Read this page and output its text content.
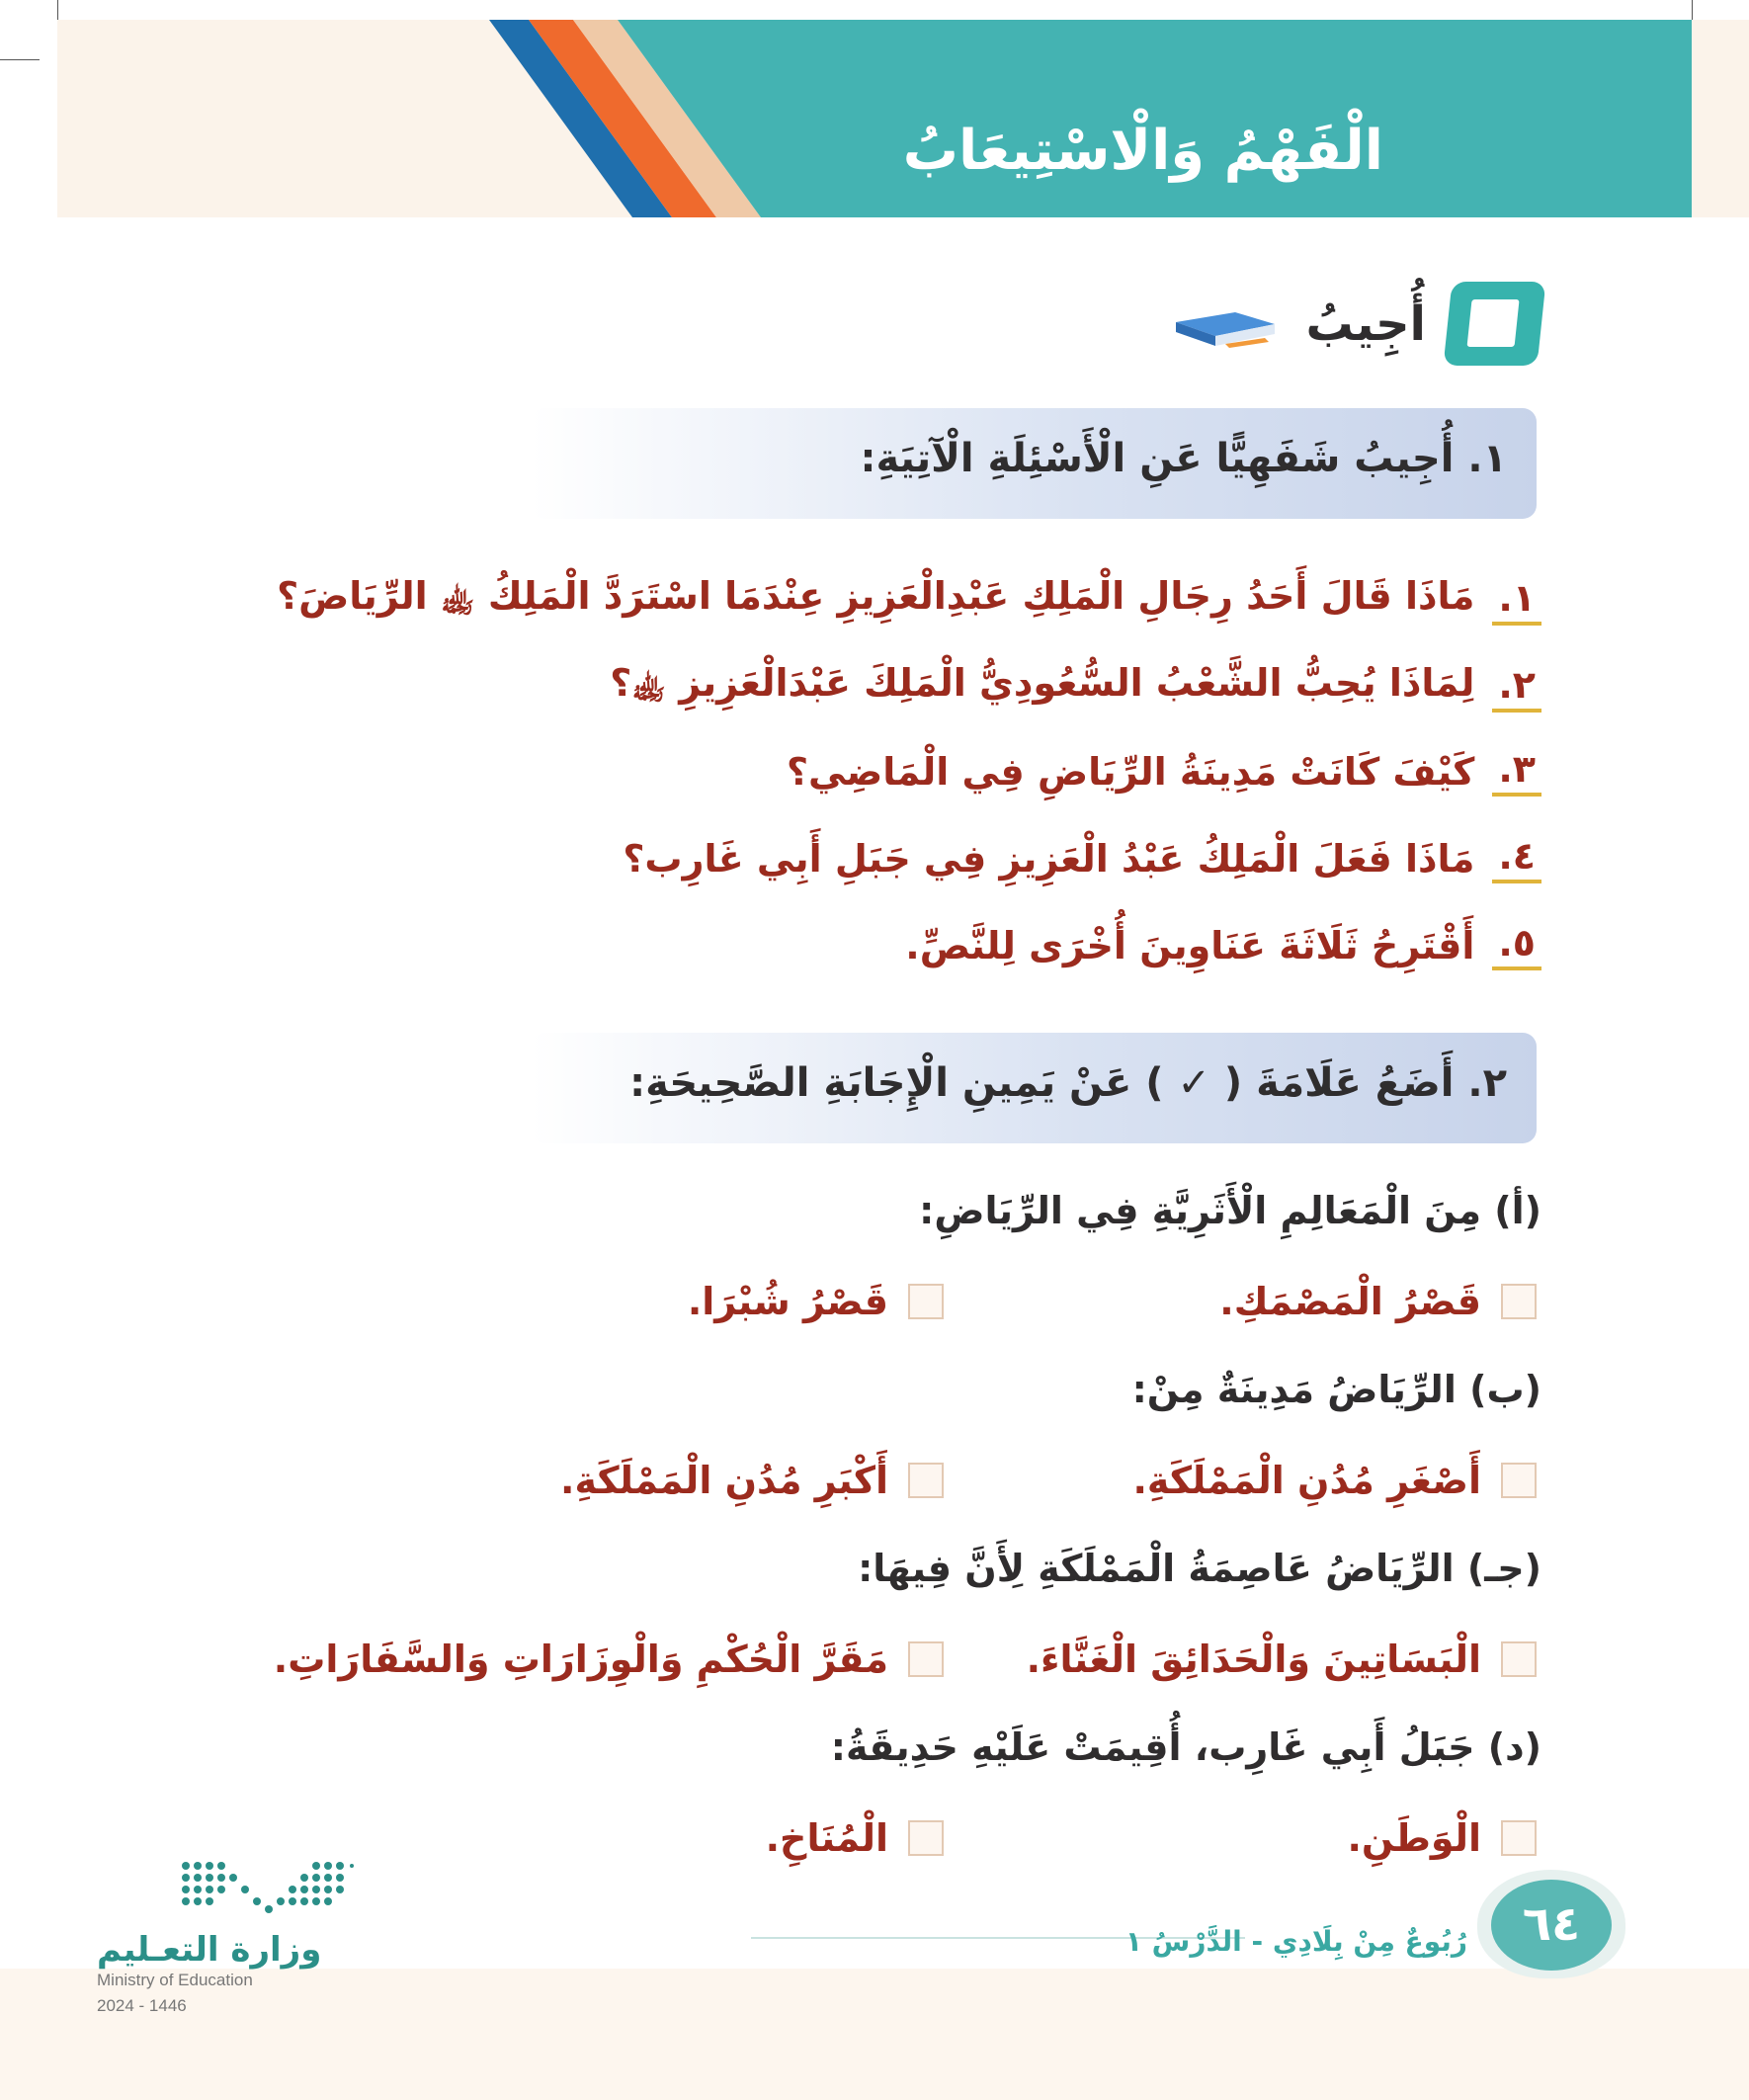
الْفَهْمُ وَالْاسْتِيعَابُ
أُجِيبُ
١. أُجِيبُ شَفَهِيًّا عَنِ الْأَسْئِلَةِ الْآتِيَةِ:
١.
مَاذَا قَالَ أَحَدُ رِجَالِ الْمَلِكِ عَبْدِالْعَزِيزِ عِنْدَمَا اسْتَرَدَّ الْمَلِكُ ﵀ الرِّيَاضَ؟
٢.
لِمَاذَا يُحِبُّ الشَّعْبُ السُّعُودِيُّ الْمَلِكَ عَبْدَالْعَزِيزِ ﵀؟
٣.
كَيْفَ كَانَتْ مَدِينَةُ الرِّيَاضِ فِي الْمَاضِي؟
٤.
مَاذَا فَعَلَ الْمَلِكُ عَبْدُ الْعَزِيزِ فِي جَبَلِ أَبِي غَارِب؟
٥.
أَقْتَرِحُ ثَلَاثَةَ عَنَاوِينَ أُخْرَى لِلنَّصِّ.
٢. أَضَعُ عَلَامَةَ ( ✓ ) عَنْ يَمِينِ الْإِجَابَةِ الصَّحِيحَةِ:
(أ) مِنَ الْمَعَالِمِ الْأَثَرِيَّةِ فِي الرِّيَاضِ:
قَصْرُ الْمَصْمَكِ.
قَصْرُ شُبْرَا.
(ب) الرِّيَاضُ مَدِينَةٌ مِنْ:
أَصْغَرِ مُدُنِ الْمَمْلَكَةِ.
أَكْبَرِ مُدُنِ الْمَمْلَكَةِ.
(جـ) الرِّيَاضُ عَاصِمَةُ الْمَمْلَكَةِ لِأَنَّ فِيهَا:
الْبَسَاتِينَ وَالْحَدَائِقَ الْغَنَّاءَ.
مَقَرَّ الْحُكْمِ وَالْوِزَارَاتِ وَالسَّفَارَاتِ.
(د) جَبَلُ أَبِي غَارِب، أُقِيمَتْ عَلَيْهِ حَدِيقَةُ:
الْوَطَنِ.
الْمُنَاخِ.
رُبُوعٌ مِنْ بِلَادِي - الدَّرْسُ ١	٦٤
وزارة التعـليم
Ministry of Education
2024 - 1446
